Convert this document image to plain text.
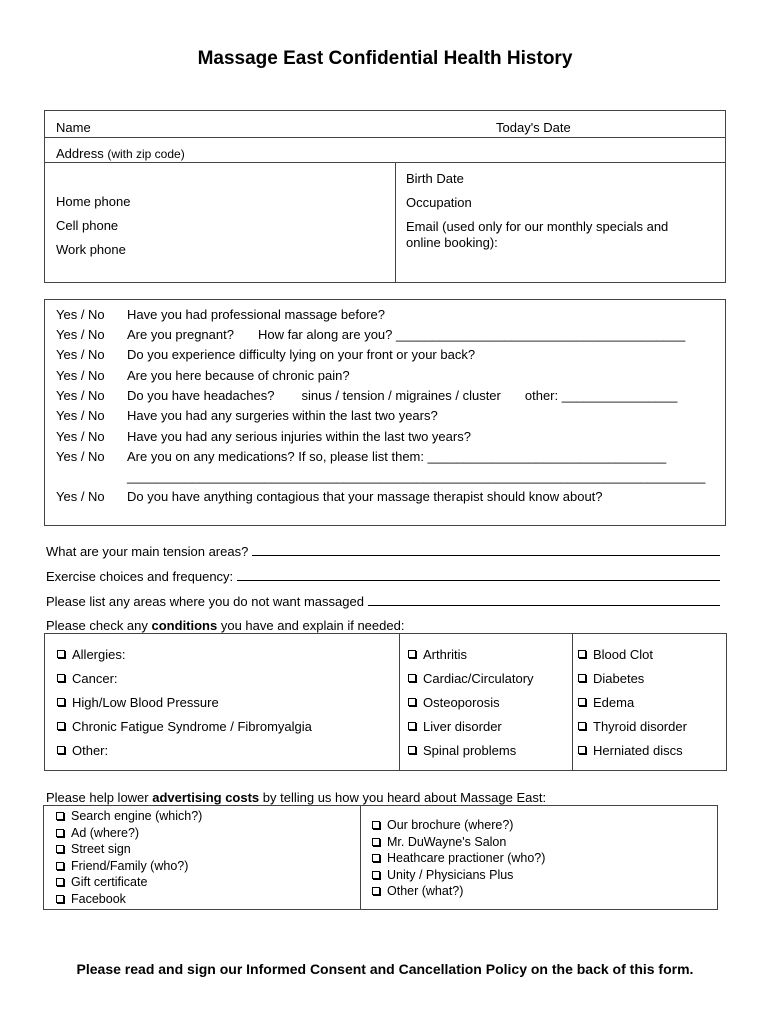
Massage East Confidential Health History
Name	Today's Date
Address (with zip code)
Home phone
Cell phone
Work phone
Birth Date
Occupation
Email (used only for our monthly specials and
online booking):
Yes / No	Have you had professional massage before?
Yes / No	Are you pregnant? How far along are you? ________________________________________
Yes / No	Do you experience difficulty lying on your front or your back?
Yes / No	Are you here because of chronic pain?
Yes / No	Do you have headaches? sinus / tension / migraines / cluster other: ________________
Yes / No	Have you had any surgeries within the last two years?
Yes / No	Have you had any serious injuries within the last two years?
Yes / No	Are you on any medications? If so, please list them: _________________________________
________________________________________________________________________________
Yes / No	Do you have anything contagious that your massage therapist should know about?
What are your main tension areas?
Exercise choices and frequency:
Please list any areas where you do not want massaged
Please check any conditions you have and explain if needed:
Allergies:
Cancer:
High/Low Blood Pressure
Chronic Fatigue Syndrome / Fibromyalgia
Other:
Arthritis
Cardiac/Circulatory
Osteoporosis
Liver disorder
Spinal problems
Blood Clot
Diabetes
Edema
Thyroid disorder
Herniated discs
Please help lower advertising costs by telling us how you heard about Massage East:
Search engine (which?)
Ad (where?)
Street sign
Friend/Family (who?)
Gift certificate
Facebook
Our brochure (where?)
Mr. DuWayne's Salon
Heathcare practioner (who?)
Unity / Physicians Plus
Other (what?)
Please read and sign our Informed Consent and Cancellation Policy on the back of this form.
